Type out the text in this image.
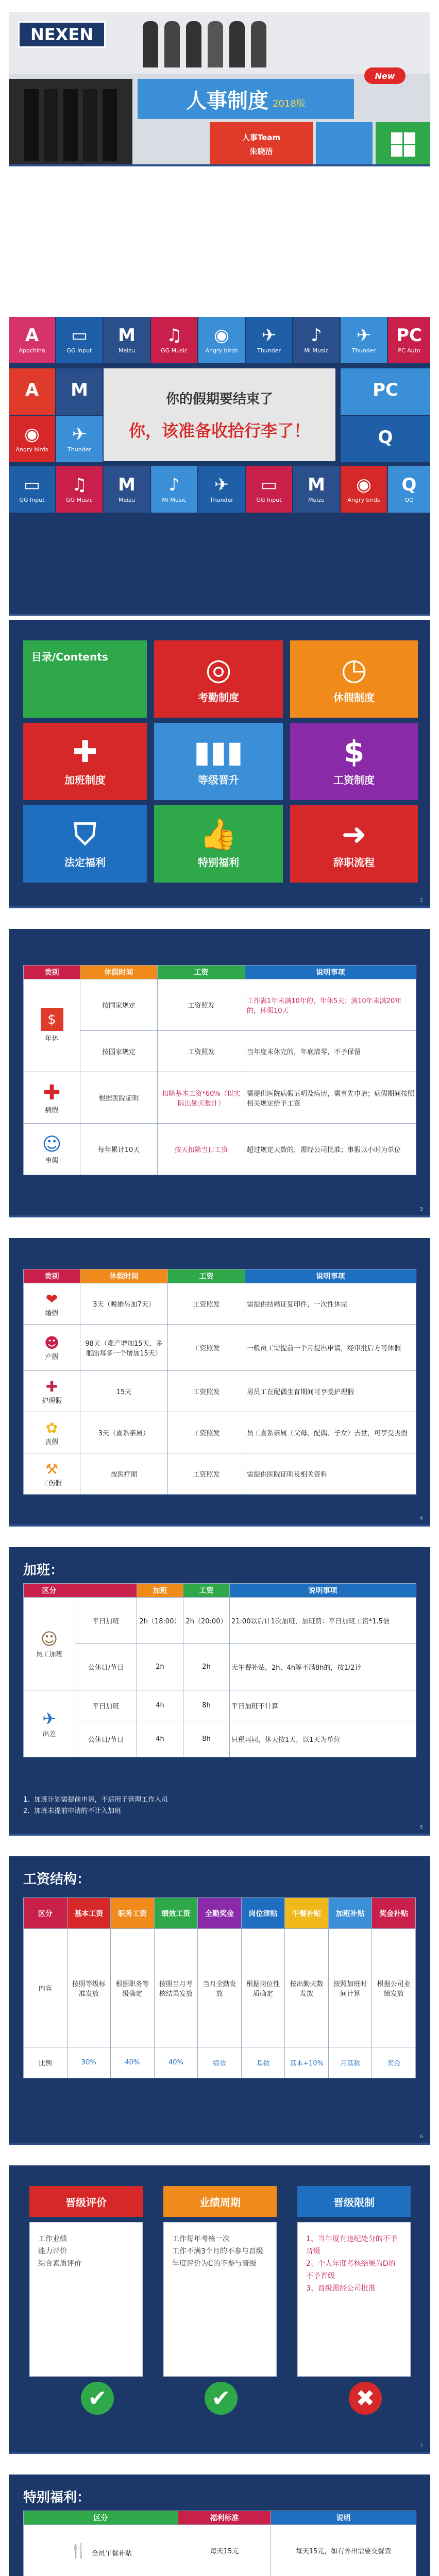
NEXEN
人事制度 2018版
New
人事Team
朱晓洁
A
Appchina
▭
GG Input
M
Meizu
♫
GG Music
◉
Angry birds
✈
Thunder
♪
Mi Music
✈
Thunder
PC
PC Auto
你的假期要结束了
你，该准备收拾行李了！
A M	PC
Q
◉
Angry birds
✈
Thunder
▭
GG Input
♫
GG Music
M
Meizu
♪
Mi Music
✈
Thunder
▭
GG Input
M
Meizu
◉
Angry birds
Q
QQ
目录/Contents	◎
考勤制度
◷
休假制度
✚
加班制度
▮▮▮
等级晋升
$
工资制度
⛉
法定福利
👍
特别福利
➜
辞职流程
2
类别	休假时间	工资	说明事项

$
年休	按国家规定	工资照发	工作满1年未满10年的，年休5天；满10年未满20年的，休假10天
	按国家规定	工资照发	当年度未休完的，年底清零，不予保留

✚
病假	根据医院证明	扣除基本工资*60%（以实际出勤天数计）	需提供医院病假证明及病历，需事先申请；病假期间按照相关规定给予工资

☺
事假	每年累计10天	按天扣除当日工资	超过规定天数的，需经公司批准；事假以小时为单位
3
类别	休假时间	工资	说明事项

❤
婚假	3天（晚婚另加7天）	工资照发	需提供结婚证复印件，一次性休完

☻
产假	98天（难产增加15天，多胞胎每多一个增加15天）	工资照发	一般员工需提前一个月提出申请，经审批后方可休假

✚
护理假	15天	工资照发	男员工在配偶生育期间可享受护理假

✿
丧假	3天（直系亲属）	工资照发	员工直系亲属（父母、配偶、子女）去世，可享受丧假

⚒
工伤假	按医疗期	工资照发	需提供医院证明及相关资料
4
加班：
区分		加班	工资	说明事项

☺
员工加班	平日加班	2h（18:00）	2h（20:00）	21:00以后计1次加班，加班费：平日加班工资*1.5倍
	公休日/节日	2h	2h	无午餐补贴，2h、4h等不满8h的，按1/2计

✈
出差	平日加班	4h	8h	平日加班不计算
	公休日/节日	4h	8h	只税再同，休天按1天，以1天为单位
1、加班计划需提前申请，不适用于管理工作人员
2、加班未提前申请的不计入加班
5
工资结构：
区分	基本工资	职务工资	绩效工资	全勤奖金	岗位津贴	午餐补贴	加班补贴	奖金补贴
内容	按照等级标准发放	根据职务等级确定	按照当月考核结果发放	当月全勤发放	根据岗位性质确定	按出勤天数发放	按照加班时间计算	根据公司业绩发放
比例	30%	40%	40%	绩效	基数	基本+10%	月基数	奖金
6
晋级评价	业绩周期	晋级限制
工作业绩
能力评价
综合素质评价
工作每年考核一次
工作不满3个月的不参与晋级
年度评价为C的不参与晋级
1、当年度有违纪处分的不予晋级
2、个人年度考核结果为D的不予晋级
3、晋级需经公司批准
✔	✔	✖
7
特别福利：
区分	福利标准	说明
🍴 全员午餐补贴	每天15元	每天15元，如有外出需要交餐费
